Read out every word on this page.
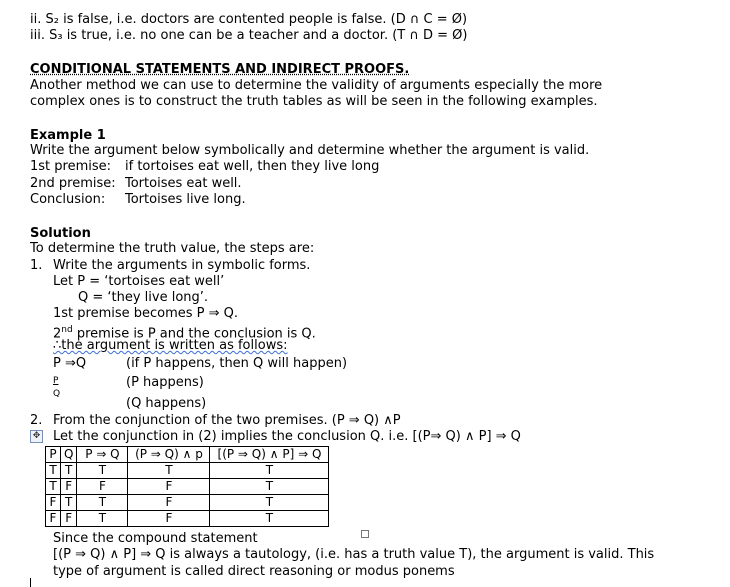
ii. S₂ is false, i.e. doctors are contented people is false. (D ∩ C = Ø)
iii. S₃ is true, i.e. no one can be a teacher and a doctor. (T ∩ D = Ø)
CONDITIONAL STATEMENTS AND INDIRECT PROOFS.
Another method we can use to determine the validity of arguments especially the more
complex ones is to construct the truth tables as will be seen in the following examples.
Example 1
Write the argument below symbolically and determine whether the argument is valid.
1st premise: if tortoises eat well, then they live long
2nd premise: Tortoises eat well.
Conclusion: Tortoises live long.
Solution
To determine the truth value, the steps are:
1. Write the arguments in symbolic forms.
Let P = ‘tortoises eat well’
Q = ‘they live long’.
1st premise becomes P ⇒ Q.
2nd premise is P and the conclusion is Q.
∴the argument is written as follows:
P ⇒Q	(if P happens, then Q will happen)
P	(P happens)
Q
(Q happens)
2. From the conjunction of the two premises. (P ⇒ Q) ∧P
✥ Let the conjunction in (2) implies the conclusion Q. i.e. [(P⇒ Q) ∧ P] ⇒ Q
P	Q	P ⇒ Q	(P ⇒ Q) ∧ p	[(P ⇒ Q) ∧ P] ⇒ Q
T	T	T	T	T
T	F	F	F	T
F	T	T	F	T
F	F	T	F	T
Since the compound statement
[(P ⇒ Q) ∧ P] ⇒ Q is always a tautology, (i.e. has a truth value T), the argument is valid. This
type of argument is called direct reasoning or modus ponems
